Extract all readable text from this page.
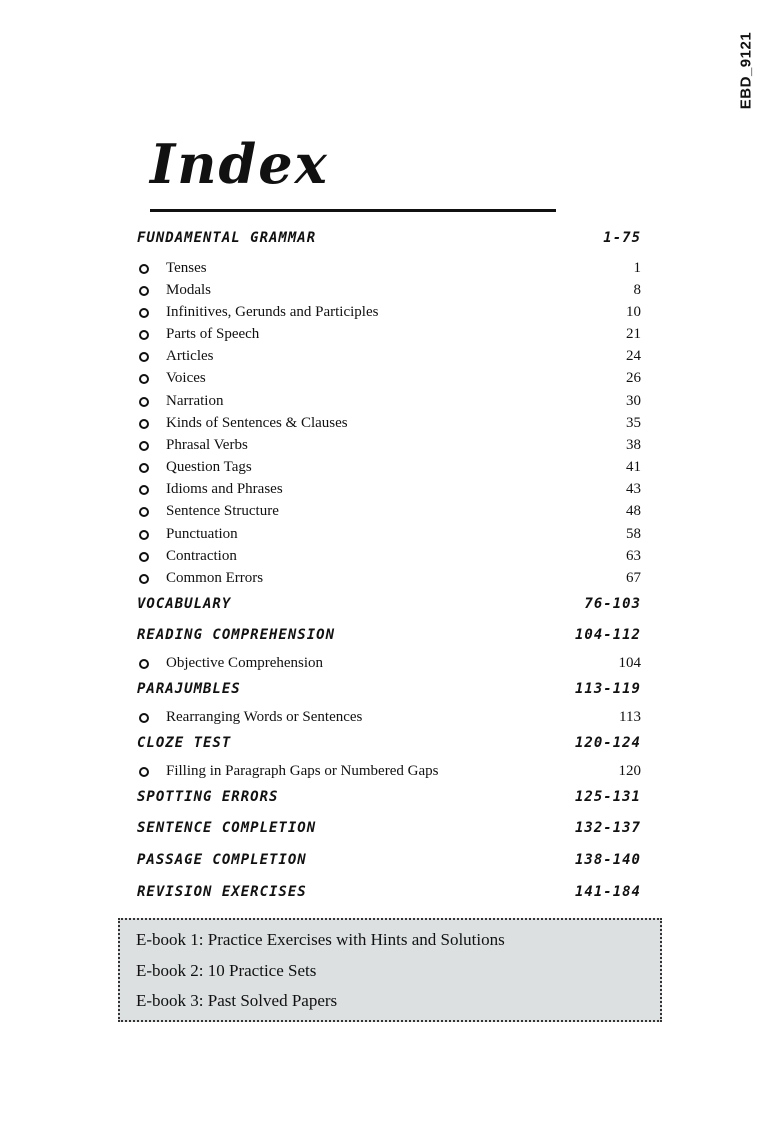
EBD_9121
Index
FUNDAMENTAL GRAMMAR	1-75
Tenses	1
Modals	8
Infinitives, Gerunds and Participles	10
Parts of Speech	21
Articles	24
Voices	26
Narration	30
Kinds of Sentences & Clauses	35
Phrasal Verbs	38
Question Tags	41
Idioms and Phrases	43
Sentence Structure	48
Punctuation	58
Contraction	63
Common Errors	67
VOCABULARY	76-103
READING COMPREHENSION	104-112
Objective Comprehension	104
PARAJUMBLES	113-119
Rearranging Words or Sentences	113
CLOZE TEST	120-124
Filling in Paragraph Gaps or Numbered Gaps	120
SPOTTING ERRORS	125-131
SENTENCE COMPLETION	132-137
PASSAGE COMPLETION	138-140
REVISION EXERCISES	141-184
E-book 1: Practice Exercises with Hints and Solutions
E-book 2: 10 Practice Sets
E-book 3: Past Solved Papers
